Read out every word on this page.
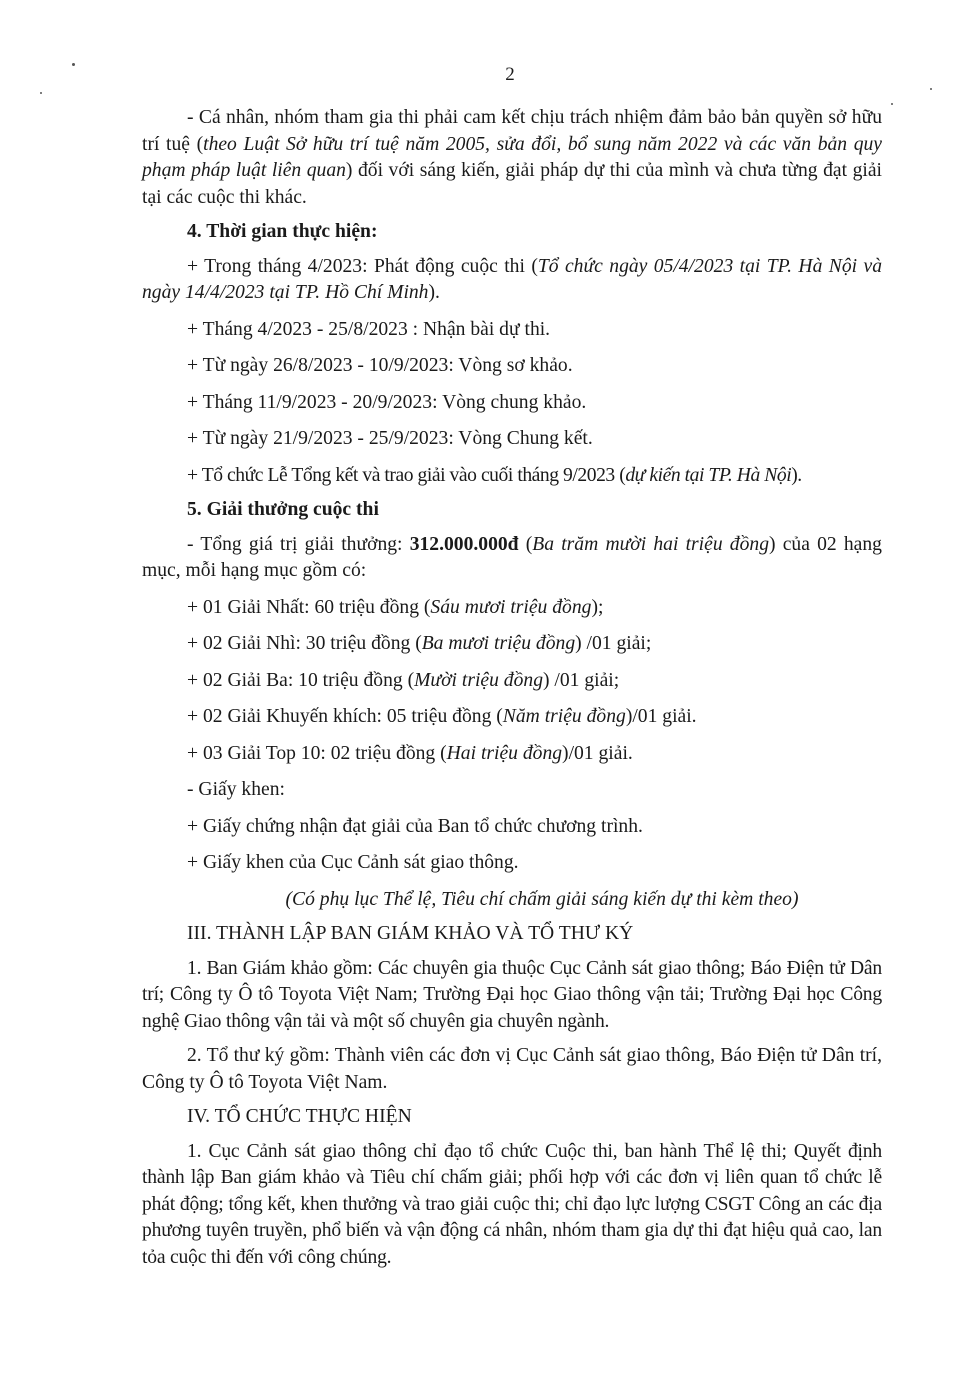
2

- Cá nhân, nhóm tham gia thi phải cam kết chịu trách nhiệm đảm bảo bản quyền sở hữu trí tuệ (theo Luật Sở hữu trí tuệ năm 2005, sửa đổi, bổ sung năm 2022 và các văn bản quy phạm pháp luật liên quan) đối với sáng kiến, giải pháp dự thi của mình và chưa từng đạt giải tại các cuộc thi khác.

4. Thời gian thực hiện:

+ Trong tháng 4/2023: Phát động cuộc thi (Tổ chức ngày 05/4/2023 tại TP. Hà Nội và ngày 14/4/2023 tại TP. Hồ Chí Minh).

+ Tháng 4/2023 - 25/8/2023 : Nhận bài dự thi.

+ Từ ngày 26/8/2023 - 10/9/2023: Vòng sơ khảo.

+ Tháng 11/9/2023 - 20/9/2023: Vòng chung khảo.

+ Từ ngày 21/9/2023 - 25/9/2023: Vòng Chung kết.

+ Tổ chức Lễ Tổng kết và trao giải vào cuối tháng 9/2023 (dự kiến tại TP. Hà Nội).

5. Giải thưởng cuộc thi

- Tổng giá trị giải thưởng: 312.000.000đ (Ba trăm mười hai triệu đồng) của 02 hạng mục, mỗi hạng mục gồm có:

+ 01 Giải Nhất: 60 triệu đồng (Sáu mươi triệu đồng);

+ 02 Giải Nhì: 30 triệu đồng (Ba mươi triệu đồng) /01 giải;

+ 02 Giải Ba: 10 triệu đồng (Mười triệu đồng) /01 giải;

+ 02 Giải Khuyến khích: 05 triệu đồng (Năm triệu đồng)/01 giải.

+ 03 Giải Top 10: 02 triệu đồng (Hai triệu đồng)/01 giải.

- Giấy khen:

+ Giấy chứng nhận đạt giải của Ban tổ chức chương trình.

+ Giấy khen của Cục Cảnh sát giao thông.

(Có phụ lục Thể lệ, Tiêu chí chấm giải sáng kiến dự thi kèm theo)

III. THÀNH LẬP BAN GIÁM KHẢO VÀ TỔ THƯ KÝ

1. Ban Giám khảo gồm: Các chuyên gia thuộc Cục Cảnh sát giao thông; Báo Điện tử Dân trí; Công ty Ô tô Toyota Việt Nam; Trường Đại học Giao thông vận tải; Trường Đại học Công nghệ Giao thông vận tải và một số chuyên gia chuyên ngành.

2. Tổ thư ký gồm: Thành viên các đơn vị Cục Cảnh sát giao thông, Báo Điện tử Dân trí, Công ty Ô tô Toyota Việt Nam.

IV. TỔ CHỨC THỰC HIỆN

1. Cục Cảnh sát giao thông chỉ đạo tổ chức Cuộc thi, ban hành Thể lệ thi; Quyết định thành lập Ban giám khảo và Tiêu chí chấm giải; phối hợp với các đơn vị liên quan tổ chức lễ phát động; tổng kết, khen thưởng và trao giải cuộc thi; chỉ đạo lực lượng CSGT Công an các địa phương tuyên truyền, phổ biến và vận động cá nhân, nhóm tham gia dự thi đạt hiệu quả cao, lan tỏa cuộc thi đến với công chúng.
